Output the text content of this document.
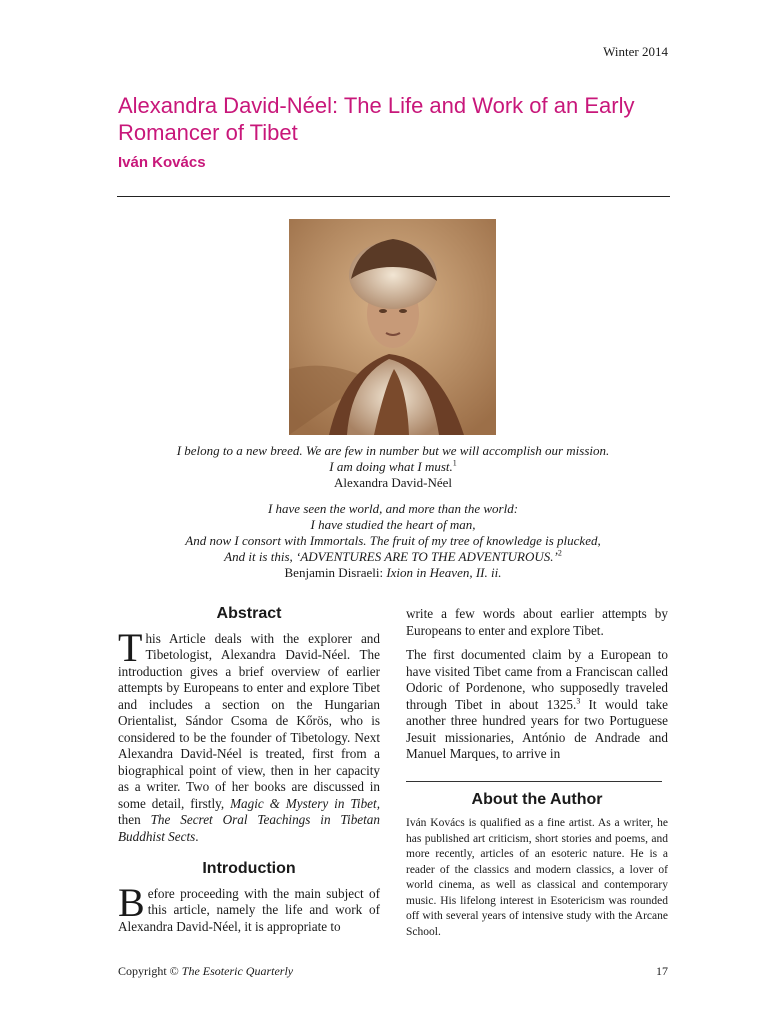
Winter 2014
Alexandra David-Néel: The Life and Work of an Early Romancer of Tibet
Iván Kovács
I belong to a new breed. We are few in number but we will accomplish our mission.
I am doing what I must.$^1$
Alexandra David-Néel
I have seen the world, and more than the world:
I have studied the heart of man,
And now I consort with Immortals. The fruit of my tree of knowledge is plucked,
And it is this, ‘ADVENTURES ARE TO THE ADVENTUROUS.’$^2$
Benjamin Disraeli: Ixion in Heaven, II. ii.
Abstract

This Article deals with the explorer and Tibetologist, Alexandra David-Néel. The introduction gives a brief overview of earlier attempts by Europeans to enter and explore Tibet and includes a section on the Hungarian Orientalist, Sándor Csoma de Kőrös, who is considered to be the founder of Tibetology. Next Alexandra David-Néel is treated, first from a biographical point of view, then in her capacity as a writer. Two of her books are discussed in some detail, firstly, Magic & Mystery in Tibet, then The Secret Oral Teachings in Tibetan Buddhist Sects.

Introduction

Before proceeding with the main subject of this article, namely the life and work of Alexandra David-Néel, it is appropriate to

write a few words about earlier attempts by Europeans to enter and explore Tibet.

The first documented claim by a European to have visited Tibet came from a Franciscan called Odoric of Pordenone, who supposedly traveled through Tibet in about 1325.$^3$ It would take another three hundred years for two Portuguese Jesuit missionaries, António de Andrade and Manuel Marques, to arrive in

About the Author

Iván Kovács is qualified as a fine artist. As a writer, he has published art criticism, short stories and poems, and more recently, articles of an esoteric nature. He is a reader of the classics and modern classics, a lover of world cinema, as well as classical and contemporary music. His lifelong interest in Esotericism was rounded off with several years of intensive study with the Arcane School.

Copyright © The Esoteric Quarterly	17
